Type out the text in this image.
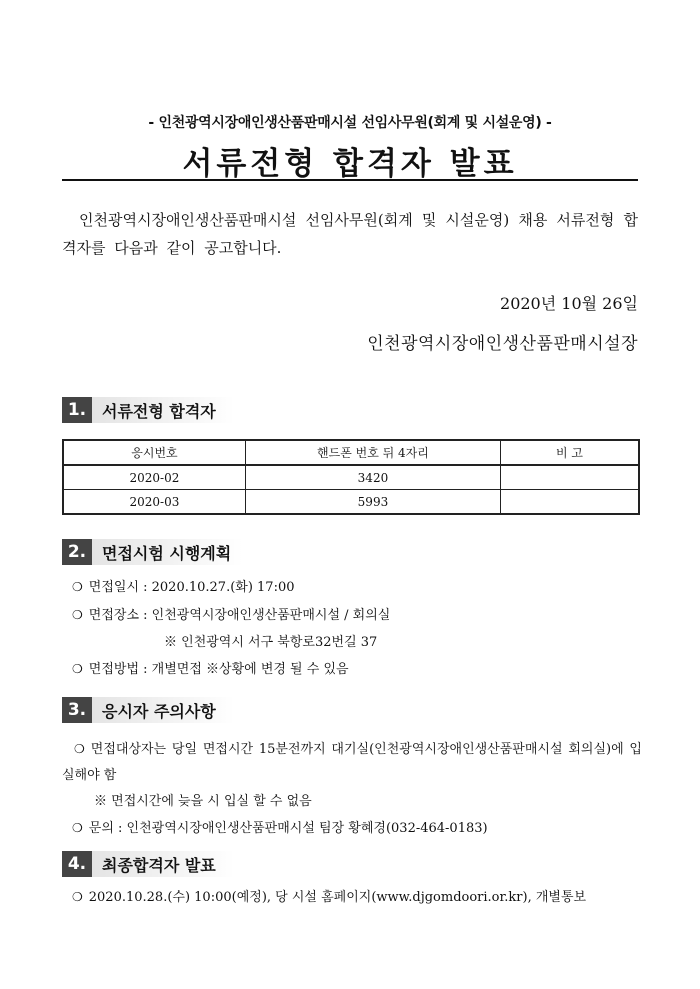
- 인천광역시장애인생산품판매시설 선임사무원(회계 및 시설운영) -
서류전형 합격자 발표
인천광역시장애인생산품판매시설 선임사무원(회계 및 시설운영) 채용 서류전형 합격자를 다음과 같이 공고합니다.
2020년 10월 26일
인천광역시장애인생산품판매시설장
1. 서류전형 합격자
응시번호	핸드폰 번호 뒤 4자리	비 고
2020-02	3420	
2020-03	5993	
2. 면접시험 시행계획
❍ 면접일시 : 2020.10.27.(화) 17:00
❍ 면접장소 : 인천광역시장애인생산품판매시설 / 회의실
※ 인천광역시 서구 북항로32번길 37
❍ 면접방법 : 개별면접 ※상황에 변경 될 수 있음
3. 응시자 주의사항
❍ 면접대상자는 당일 면접시간 15분전까지 대기실(인천광역시장애인생산품판매시설 회의실)에 입실해야 함
※ 면접시간에 늦을 시 입실 할 수 없음
❍ 문의 : 인천광역시장애인생산품판매시설 팀장 황혜경(032-464-0183)
4. 최종합격자 발표
❍ 2020.10.28.(수) 10:00(예정), 당 시설 홈페이지(www.djgomdoori.or.kr), 개별통보
